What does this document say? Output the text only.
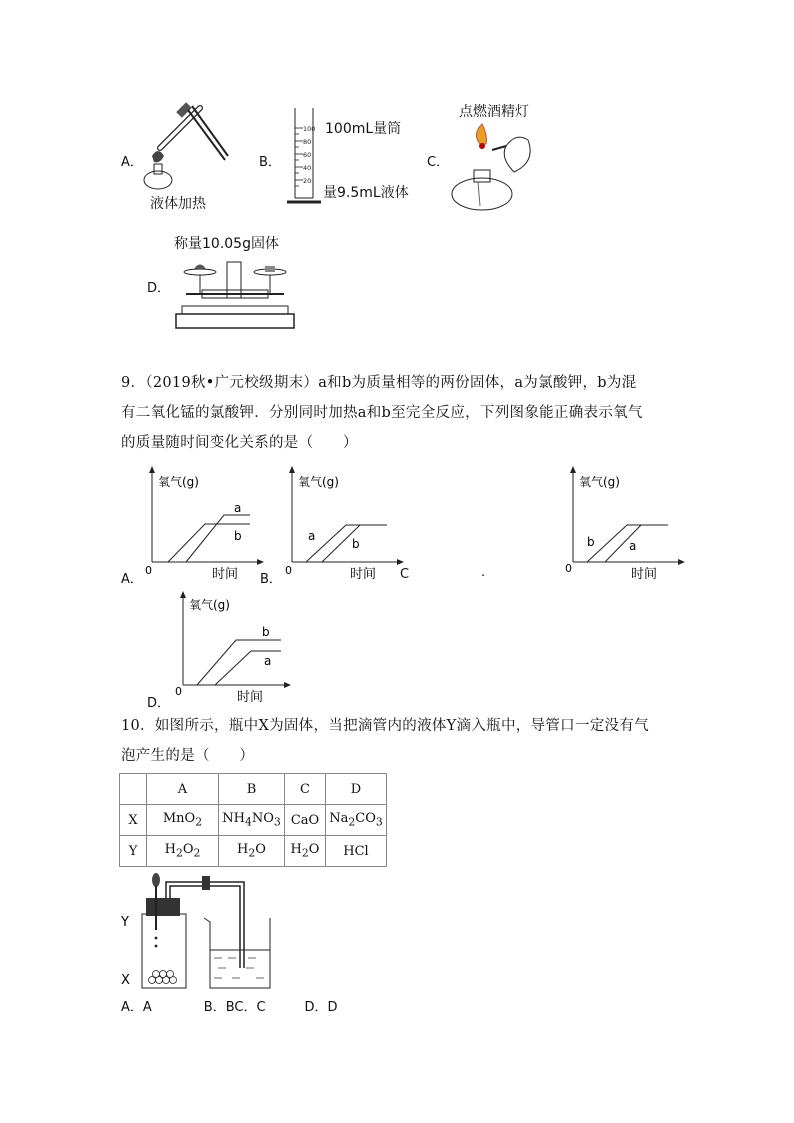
A．
液体加热
B．
100
80
60
40
20
100mL量筒
量9.5mL液体
C．
点燃酒精灯
D．
称量10.05g固体
9．（2019秋•广元校级期末）a和b为质量相等的两份固体，a为氯酸钾，b为混
有二氧化锰的氯酸钾．分别同时加热a和b至完全反应，下列图象能正确表示氧气
的质量随时间变化关系的是（　　）
氧气(g)
a
b
0	时间
A．
氧气(g)
a
b
0	时间
B．	C	.
氧气(g)
b	a
0	时间
氧气(g)
b
a
0	时间
D．
10．如图所示，瓶中X为固体，当把滴管内的液体Y滴入瓶中，导管口一定没有气
泡产生的是（　　）
	A	B	C	D
X	MnO$_2$	$NH_4NO_3$	CaO	$Na_2CO_3$
Y	$H_2O_2$	$H_2O$	$H_2O$	HCl
Y
X
A．A　　　　B．BC．C　　　D．D
